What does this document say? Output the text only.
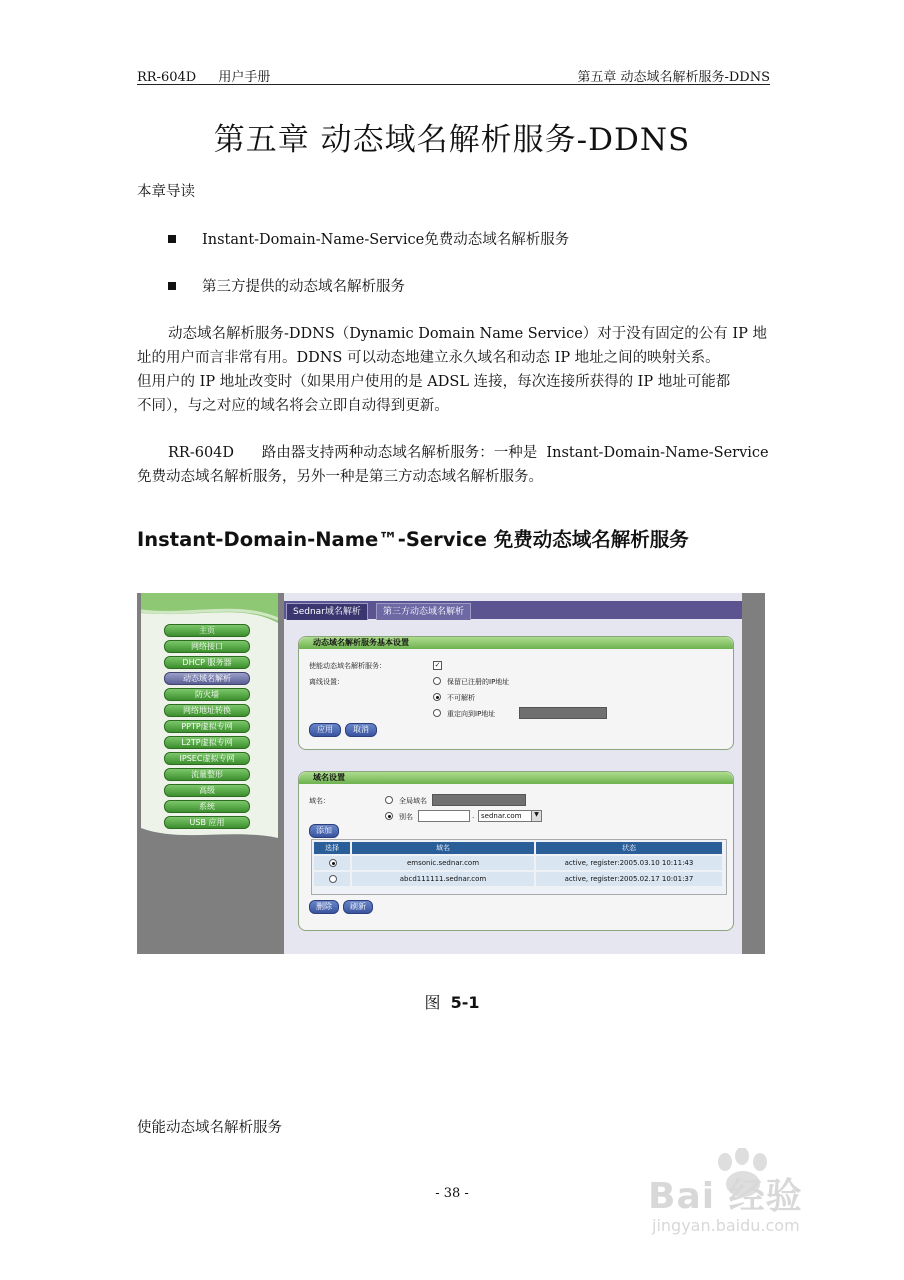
RR-604D 用户手册	第五章 动态域名解析服务-DDNS
第五章 动态域名解析服务-DDNS
本章导读
Instant-Domain-Name-Service免费动态域名解析服务
第三方提供的动态域名解析服务
动态域名解析服务-DDNS（Dynamic Domain Name Service）对于没有固定的公有 IP 地
址的用户而言非常有用。DDNS 可以动态地建立永久域名和动态 IP 地址之间的映射关系。
但用户的 IP 地址改变时（如果用户使用的是 ADSL 连接，每次连接所获得的 IP 地址可能都
不同），与之对应的域名将会立即自动得到更新。
RR-604D      路由器支持两种动态域名解析服务：一种是  Instant-Domain-Name-Service
免费动态域名解析服务，另外一种是第三方动态域名解析服务。
Instant-Domain-Name™-Service 免费动态域名解析服务
主页
网络接口
DHCP 服务器
动态域名解析
防火墙
网络地址转换
PPTP虚拟专网
L2TP虚拟专网
IPSEC虚拟专网
流量整形
高级
系统
USB 应用
Sednar域名解析	第三方动态域名解析
动态域名解析服务基本设置
使能动态域名解析服务：	✓
离线设置：	保留已注册的IP地址
不可解析
重定向到IP地址
应用	取消
域名设置
域名：	全局域名
别名	. sednar.com	▼
添加
选择	域名	状态
emsonic.sednar.com	active, register:2005.03.10 10:11:43
abcd111111.sednar.com	active, register:2005.02.17 10:01:37
删除	刷新
图 5-1
使能动态域名解析服务
- 38 -	Bai 经验
jingyan.baidu.com
